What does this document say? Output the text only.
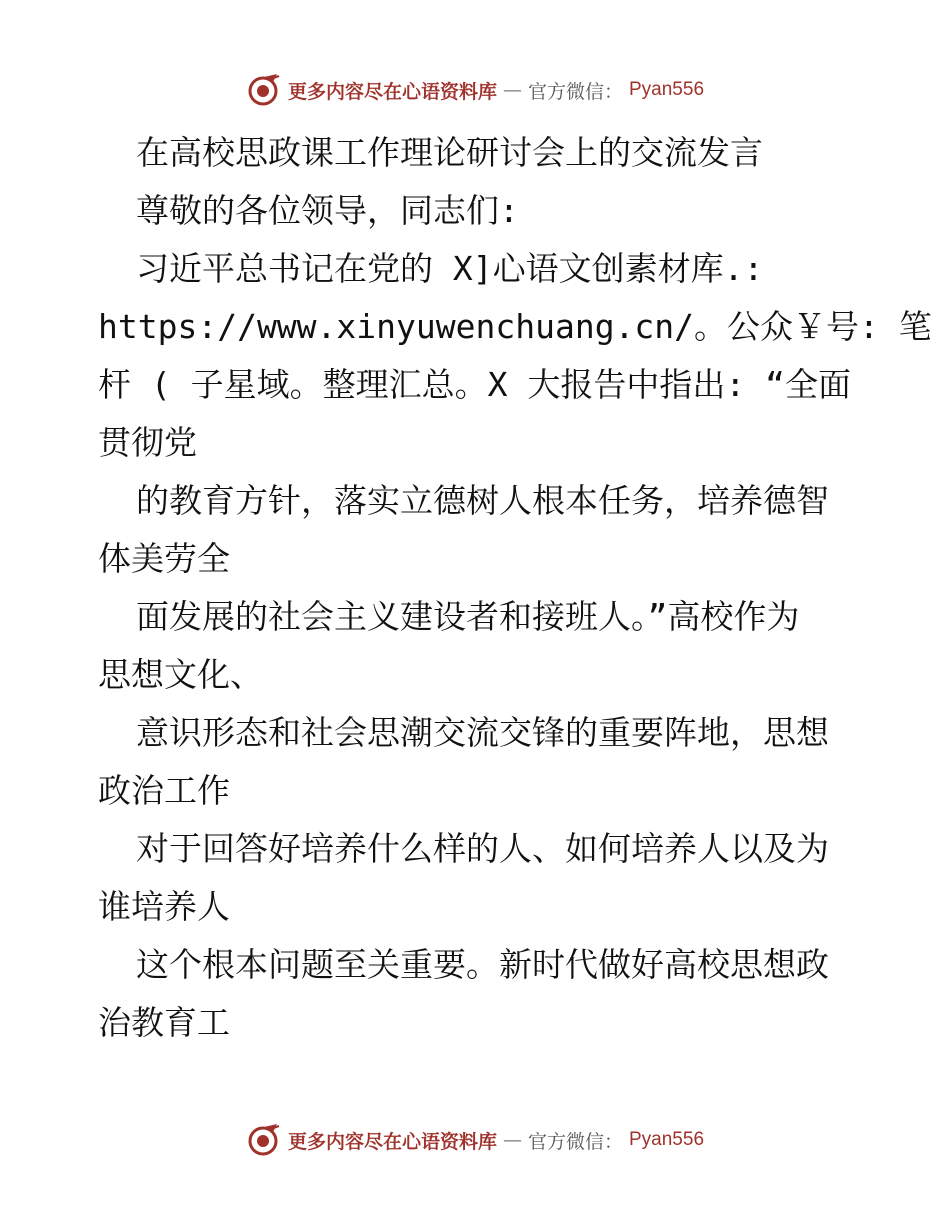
更多内容尽在心语资料库 — 官方微信： Pyan556
在高校思政课工作理论研讨会上的交流发言
尊敬的各位领导，同志们:
习近平总书记在党的 X]心语文创素材库.:
https://www.xinyuwenchuang.cn/。公众￥号: 笔
杆 ( 子星域。整理汇总。X 大报告中指出: “全面
贯彻党
的教育方针，落实立德树人根本任务，培养德智
体美劳全
面发展的社会主义建设者和接班人。”高校作为
思想文化、
意识形态和社会思潮交流交锋的重要阵地，思想
政治工作
对于回答好培养什么样的人、如何培养人以及为
谁培养人
这个根本问题至关重要。新时代做好高校思想政
治教育工
更多内容尽在心语资料库 — 官方微信： Pyan556
